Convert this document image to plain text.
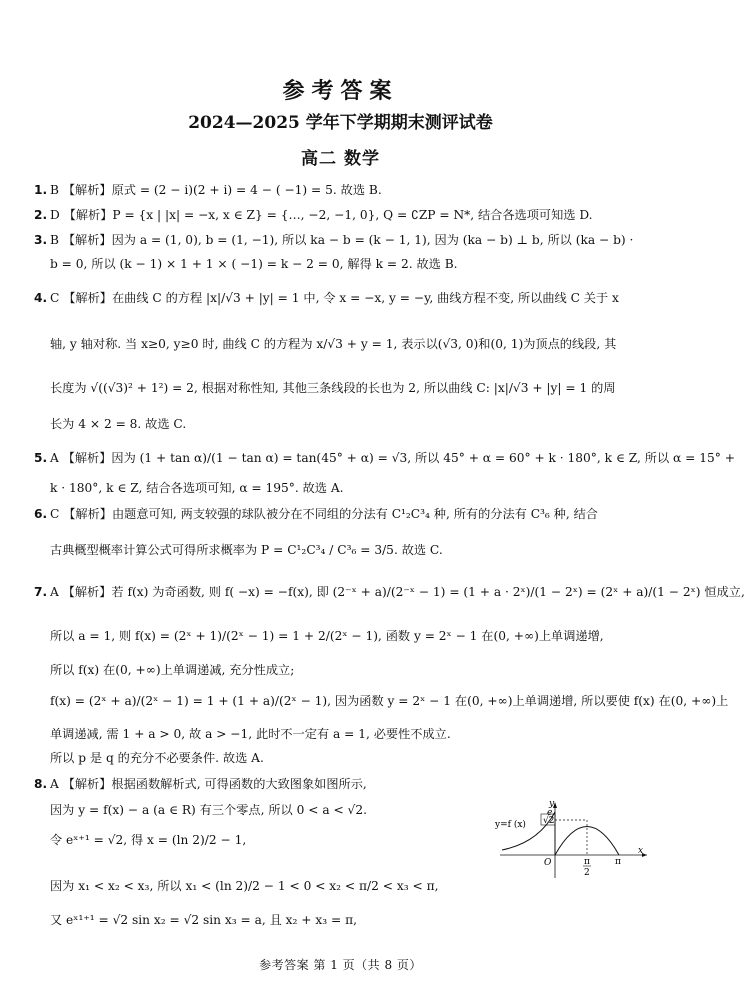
参考答案
2024—2025 学年下学期期末测评试卷
高二 数学
1. B 【解析】原式 = (2 − i)(2 + i) = 4 − ( −1) = 5. 故选 B.
2. D 【解析】P = {x | |x| = −x, x ∈ Z} = {…, −2, −1, 0}, Q = ∁ZP = N*, 结合各选项可知选 D.
3. B 【解析】因为 a = (1, 0), b = (1, −1), 所以 ka − b = (k − 1, 1), 因为 (ka − b) ⊥ b, 所以 (ka − b) ·
b = 0, 所以 (k − 1) × 1 + 1 × ( −1) = k − 2 = 0, 解得 k = 2. 故选 B.
4. C 【解析】在曲线 C 的方程 |x|/√3 + |y| = 1 中, 令 x = −x, y = −y, 曲线方程不变, 所以曲线 C 关于 x
轴, y 轴对称. 当 x≥0, y≥0 时, 曲线 C 的方程为 x/√3 + y = 1, 表示以(√3, 0)和(0, 1)为顶点的线段, 其
长度为 √((√3)² + 1²) = 2, 根据对称性知, 其他三条线段的长也为 2, 所以曲线 C: |x|/√3 + |y| = 1 的周
长为 4 × 2 = 8. 故选 C.
5. A 【解析】因为 (1 + tan α)/(1 − tan α) = tan(45° + α) = √3, 所以 45° + α = 60° + k · 180°, k ∈ Z, 所以 α = 15° +
k · 180°, k ∈ Z, 结合各选项可知, α = 195°. 故选 A.
6. C 【解析】由题意可知, 两支较强的球队被分在不同组的分法有 C¹₂C³₄ 种, 所有的分法有 C³₆ 种, 结合
古典概型概率计算公式可得所求概率为 P = C¹₂C³₄ / C³₆ = 3/5. 故选 C.
7. A 【解析】若 f(x) 为奇函数, 则 f( −x) = −f(x), 即 (2⁻ˣ + a)/(2⁻ˣ − 1) = (1 + a · 2ˣ)/(1 − 2ˣ) = (2ˣ + a)/(1 − 2ˣ) 恒成立,
所以 a = 1, 则 f(x) = (2ˣ + 1)/(2ˣ − 1) = 1 + 2/(2ˣ − 1), 函数 y = 2ˣ − 1 在(0, +∞)上单调递增,
所以 f(x) 在(0, +∞)上单调递减, 充分性成立;
f(x) = (2ˣ + a)/(2ˣ − 1) = 1 + (1 + a)/(2ˣ − 1), 因为函数 y = 2ˣ − 1 在(0, +∞)上单调递增, 所以要使 f(x) 在(0, +∞)上
单调递减, 需 1 + a > 0, 故 a > −1, 此时不一定有 a = 1, 必要性不成立.
所以 p 是 q 的充分不必要条件. 故选 A.
8. A 【解析】根据函数解析式, 可得函数的大致图象如图所示,
因为 y = f(x) − a (a ∈ R) 有三个零点, 所以 0 < a < √2.
令 eˣ⁺¹ = √2, 得 x = (ln 2)/2 − 1,
因为 x₁ < x₂ < x₃, 所以 x₁ < (ln 2)/2 − 1 < 0 < x₂ < π/2 < x₃ < π,
又 eˣ¹⁺¹ = √2 sin x₂ = √2 sin x₃ = a, 且 x₂ + x₃ = π,
y=f (x)
y
x
e
√2
O	π
2
π
参考答案 第 1 页（共 8 页）
